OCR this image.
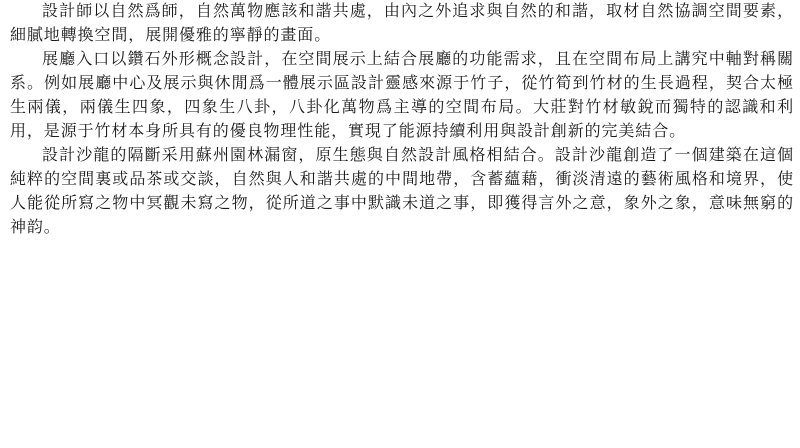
設計師以自然爲師，自然萬物應該和諧共處，由內之外追求與自然的和諧，取材自然協調空間要素，細膩地轉換空間，展開優雅的寧靜的畫面。

展廳入口以鑽石外形概念設計，在空間展示上結合展廳的功能需求，且在空間布局上講究中軸對稱關系。例如展廳中心及展示與休閒爲一體展示區設計靈感來源于竹子，從竹筍到竹材的生長過程，契合太極生兩儀，兩儀生四象，四象生八卦，八卦化萬物爲主導的空間布局。大莊對竹材敏銳而獨特的認識和利用，是源于竹材本身所具有的優良物理性能，實現了能源持續利用與設計創新的完美結合。

設計沙龍的隔斷采用蘇州園林漏窗，原生態與自然設計風格相結合。設計沙龍創造了一個建築在這個純粹的空間裏或品茶或交談，自然與人和諧共處的中間地帶，含蓄蘊藉，衝淡清遠的藝術風格和境界，使人能從所寫之物中冥觀未寫之物，從所道之事中默識未道之事，即獲得言外之意，象外之象，意味無窮的神韵。
